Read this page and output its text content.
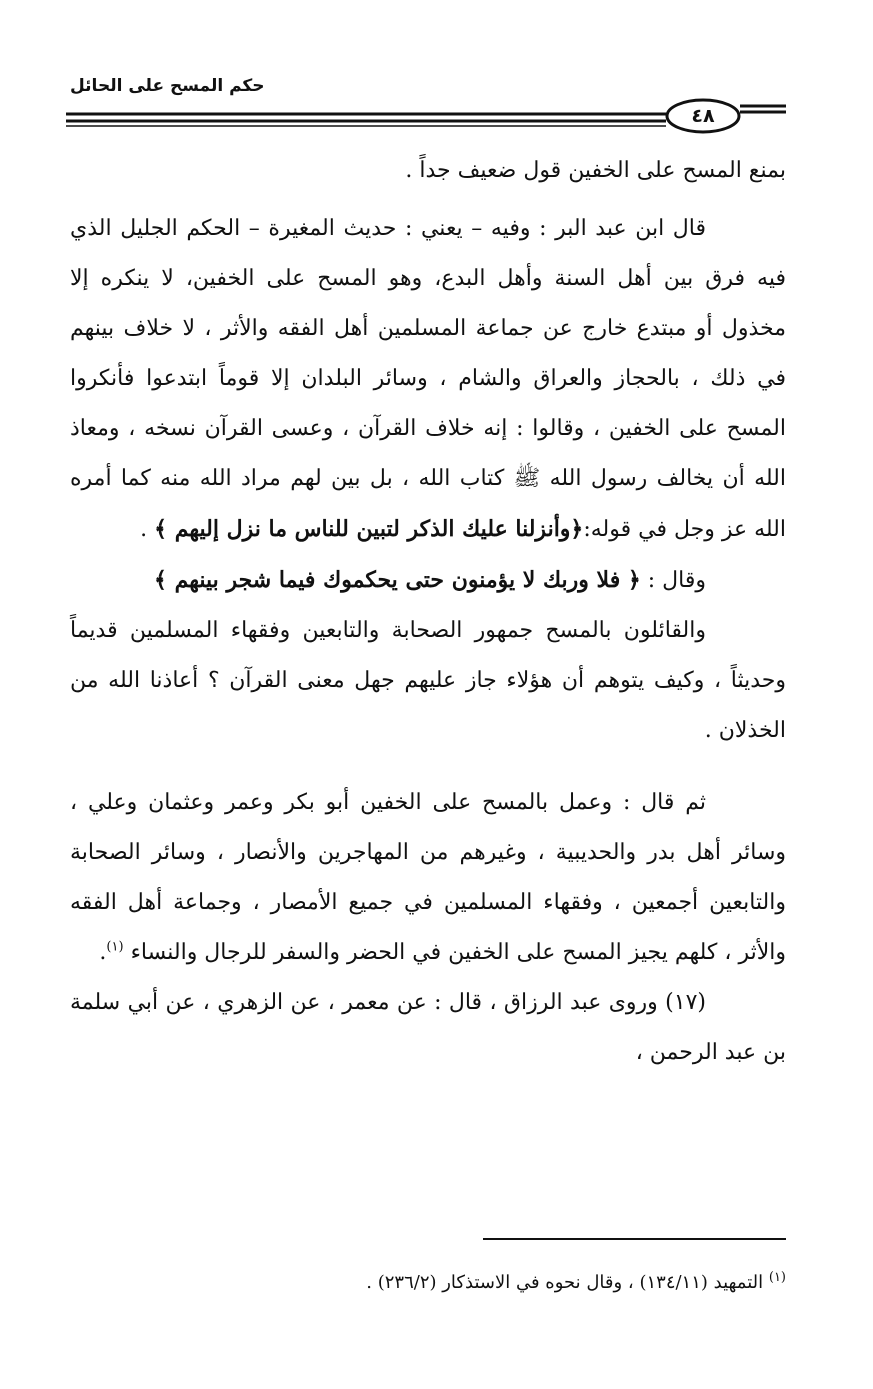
حكم المسح على الحائل
٤٨

بمنع المسح على الخفين قول ضعيف جداً .

قال ابن عبد البر : وفيه – يعني : حديث المغيرة – الحكم الجليل الذي فيه فرق بين أهل السنة وأهل البدع، وهو المسح على الخفين، لا ينكره إلا مخذول أو مبتدع خارج عن جماعة المسلمين أهل الفقه والأثر ، لا خلاف بينهم في ذلك ، بالحجاز والعراق والشام ، وسائر البلدان إلا قوماً ابتدعوا فأنكروا المسح على الخفين ، وقالوا : إنه خلاف القرآن ، وعسى القرآن نسخه ، ومعاذ الله أن يخالف رسول الله ﷺ كتاب الله ، بل بين لهم مراد الله منه كما أمره الله عز وجل في قوله:﴿وأنزلنا عليك الذكر لتبين للناس ما نزل إليهم ﴾ .

وقال : ﴿ فلا وربك لا يؤمنون حتى يحكموك فيما شجر بينهم ﴾

والقائلون بالمسح جمهور الصحابة والتابعين وفقهاء المسلمين قديماً وحديثاً ، وكيف يتوهم أن هؤلاء جاز عليهم جهل معنى القرآن ؟ أعاذنا الله من الخذلان .

ثم قال : وعمل بالمسح على الخفين أبو بكر وعمر وعثمان وعلي ، وسائر أهل بدر والحديبية ، وغيرهم من المهاجرين والأنصار ، وسائر الصحابة والتابعين أجمعين ، وفقهاء المسلمين في جميع الأمصار ، وجماعة أهل الفقه والأثر ، كلهم يجيز المسح على الخفين في الحضر والسفر للرجال والنساء $^{(١)}$.

(١٧) وروى عبد الرزاق ، قال : عن معمر ، عن الزهري ، عن أبي سلمة بن عبد الرحمن ،

$^{(١)}$ التمهيد (١٣٤/١١) ، وقال نحوه في الاستذكار (٢٣٦/٢) .
